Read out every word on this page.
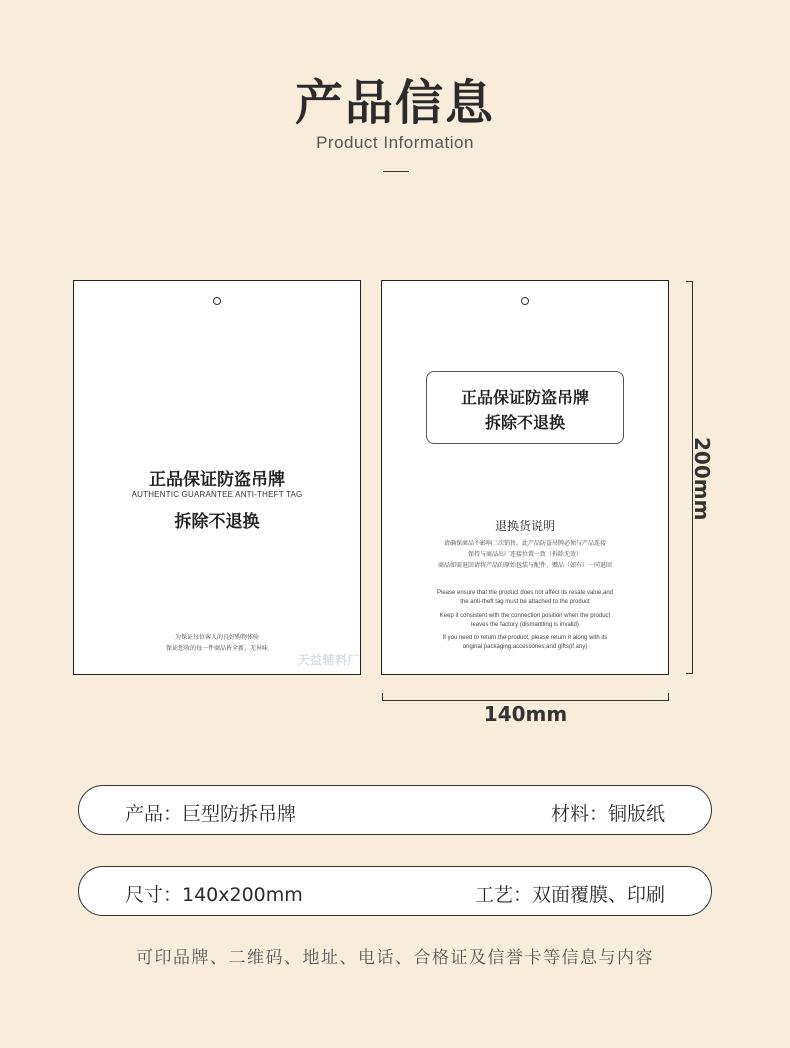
产品信息
Product Information
正品保证防盗吊牌
AUTHENTIC GUARANTEE ANTI-THEFT TAG
拆除不退换
为保证每位客人的良好购物体验
保证您收的每一件商品皆全新、无异味
天益辅料厂
正品保证防盗吊牌
拆除不退换
退换货说明
请确保商品不影响二次销售，此产品防盗吊牌必须与产品连接
保持与商品出厂连接位置一致（拆除无效）
商品如需退回请将产品的原始包装与配件、赠品（如有）一同退回
Please ensure that the product does not affect its resale value,and
the anti-theft tag must be attached to the product
Keep it consistent with the connection position when the product
leaves the factory (dismantling is invalid)
If you need to return the product, please return it along with its
original packaging,accessories,and gifts(if any)
200mm
140mm
产品：巨型防拆吊牌	材料：铜版纸
尺寸：140x200mm	工艺：双面覆膜、印刷
可印品牌、二维码、地址、电话、合格证及信誉卡等信息与内容
